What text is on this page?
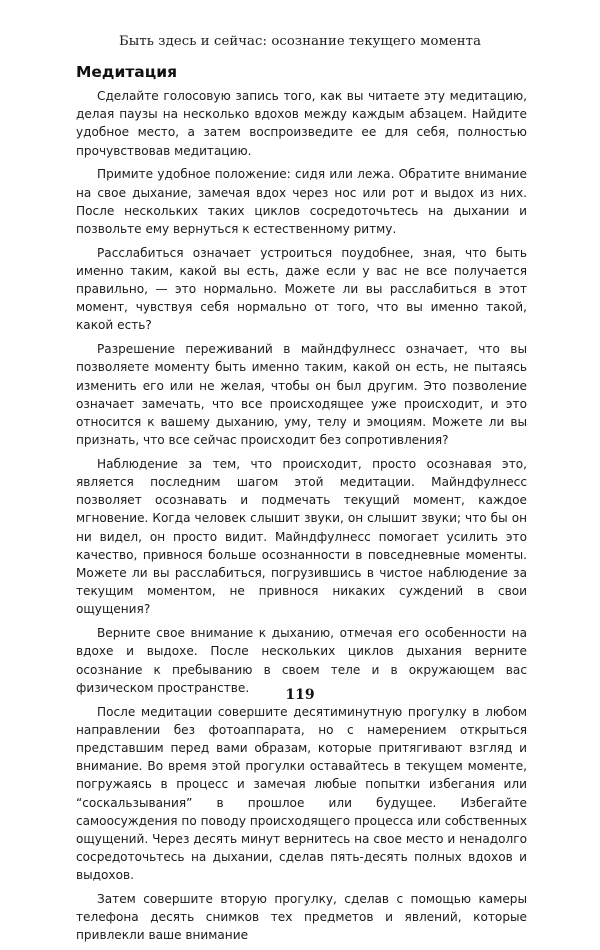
Быть здесь и сейчас: осознание текущего момента
Медитация

Сделайте голосовую запись того, как вы читаете эту медитацию, делая паузы на несколько вдохов между каждым абзацем. Найдите удобное место, а затем воспроизведите ее для себя, полностью прочувствовав медитацию.

Примите удобное положение: сидя или лежа. Обратите внимание на свое дыхание, замечая вдох через нос или рот и выдох из них. После нескольких таких циклов сосредоточьтесь на дыхании и позвольте ему вернуться к естественному ритму.

Расслабиться означает устроиться поудобнее, зная, что быть именно таким, какой вы есть, даже если у вас не все получается правильно, — это нормально. Можете ли вы расслабиться в этот момент, чувствуя себя нормально от того, что вы именно такой, какой есть?

Разрешение переживаний в майндфулнесс означает, что вы позволяете моменту быть именно таким, какой он есть, не пытаясь изменить его или не желая, чтобы он был другим. Это позволение означает замечать, что все происходящее уже происходит, и это относится к вашему дыханию, уму, телу и эмоциям. Можете ли вы признать, что все сейчас происходит без сопротивления?

Наблюдение за тем, что происходит, просто осознавая это, является последним шагом этой медитации. Майндфулнесс позволяет осознавать и подмечать текущий момент, каждое мгновение. Когда человек слышит звуки, он слышит звуки; что бы он ни видел, он просто видит. Майндфулнесс помогает усилить это качество, привнося больше осознанности в повседневные моменты. Можете ли вы расслабиться, погрузившись в чистое наблюдение за текущим моментом, не привнося никаких суждений в свои ощущения?

Верните свое внимание к дыханию, отмечая его особенности на вдохе и выдохе. После нескольких циклов дыхания верните осознание к пребыванию в своем теле и в окружающем вас физическом пространстве.

После медитации совершите десятиминутную прогулку в любом направлении без фотоаппарата, но с намерением открыться представшим перед вами образам, которые притягивают взгляд и внимание. Во время этой прогулки оставайтесь в текущем моменте, погружаясь в процесс и замечая любые попытки избегания или “соскальзывания” в прошлое или будущее. Избегайте самоосуждения по поводу происходящего процесса или собственных ощущений. Через десять минут вернитесь на свое место и ненадолго сосредоточьтесь на дыхании, сделав пять-десять полных вдохов и выдохов.

Затем совершите вторую прогулку, сделав с помощью камеры телефона десять снимков тех предметов и явлений, которые привлекли ваше внимание

119
